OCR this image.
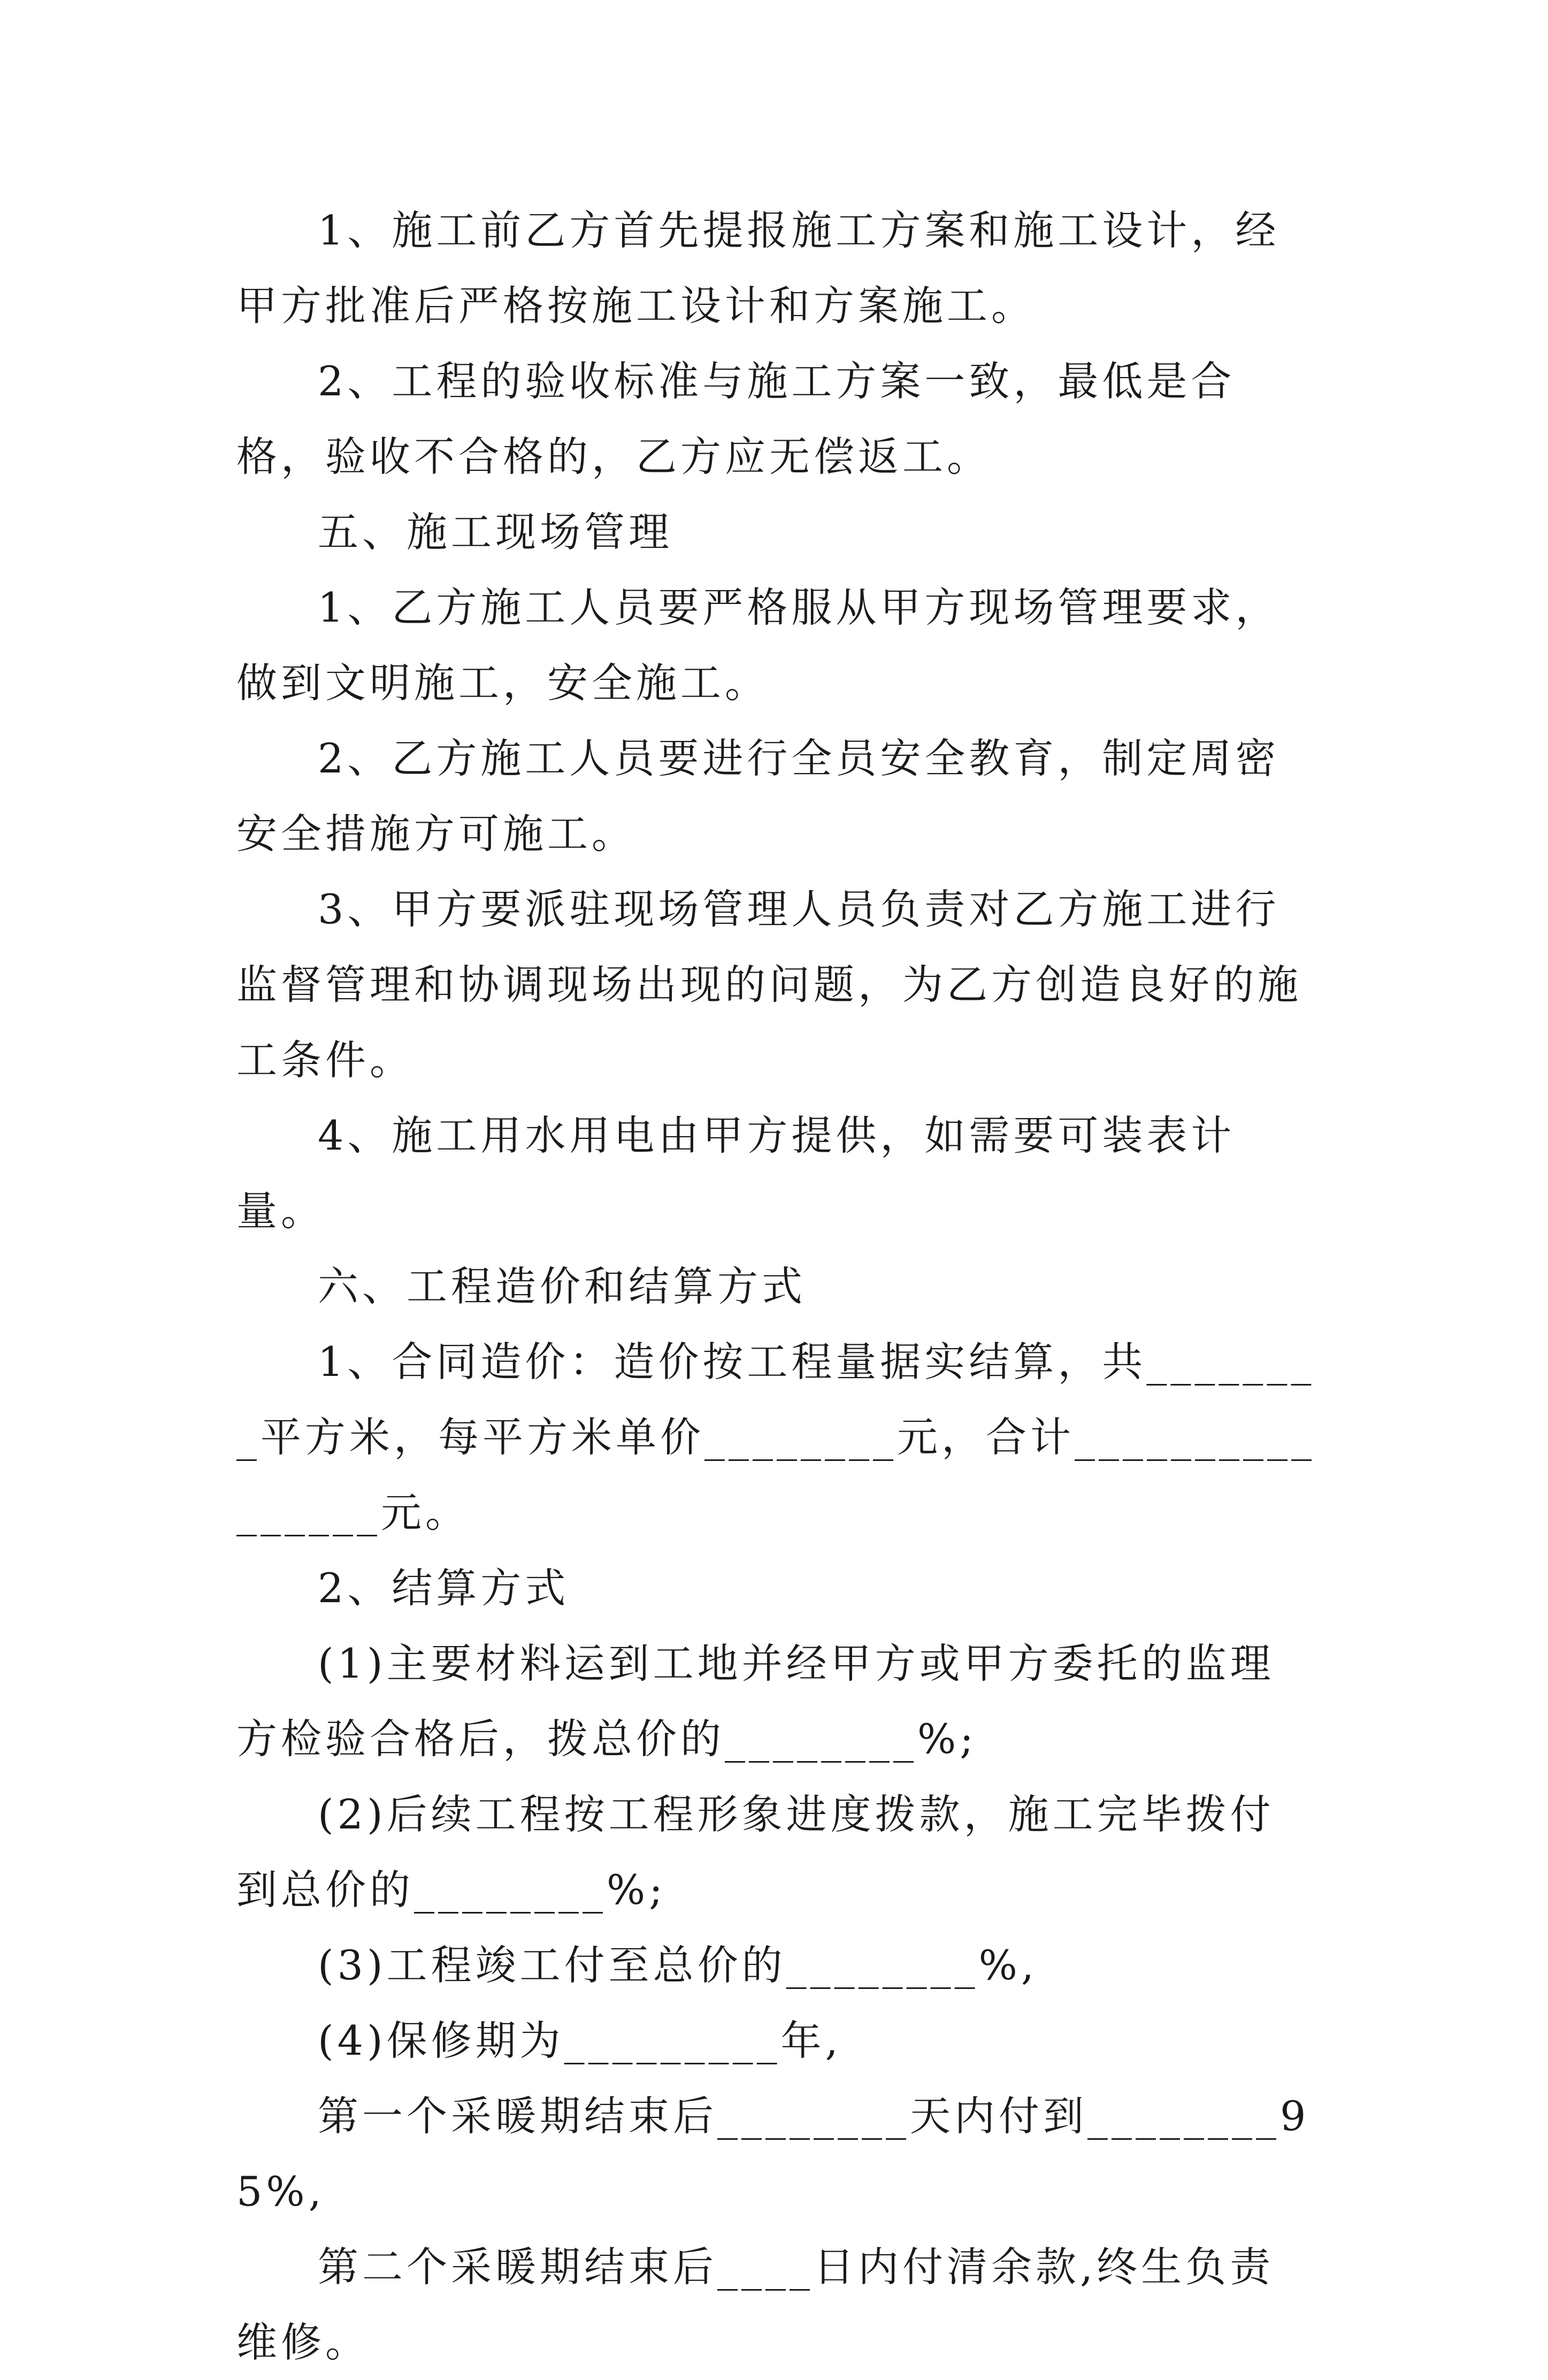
1、施工前乙方首先提报施工方案和施工设计，经甲方批准后严格按施工设计和方案施工。

2、工程的验收标准与施工方案一致，最低是合格，验收不合格的，乙方应无偿返工。

五、施工现场管理

1、乙方施工人员要严格服从甲方现场管理要求，做到文明施工，安全施工。

2、乙方施工人员要进行全员安全教育，制定周密安全措施方可施工。

3、甲方要派驻现场管理人员负责对乙方施工进行监督管理和协调现场出现的问题，为乙方创造良好的施工条件。

4、施工用水用电由甲方提供，如需要可装表计量。

六、工程造价和结算方式

1、合同造价：造价按工程量据实结算，共________平方米，每平方米单价________元，合计________________元。

2、结算方式

(1)主要材料运到工地并经甲方或甲方委托的监理方检验合格后，拨总价的________%;

(2)后续工程按工程形象进度拨款，施工完毕拨付到总价的________%;

(3)工程竣工付至总价的________%,

(4)保修期为_________年,

第一个采暖期结束后________天内付到________95%,

第二个采暖期结束后____日内付清余款,终生负责维修。
